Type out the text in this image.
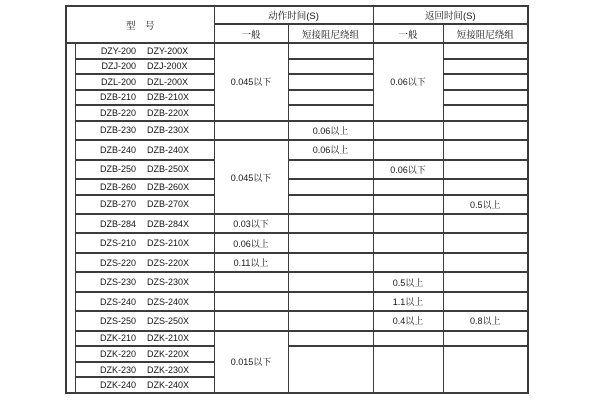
型　号		动作时间(S)		返回时间(S)	
		一般	短接阻尼绕组	一般	短接阻尼绕组

	DZY-200 DZY-200X	0.045以下		0.06以下	

	DZJ-200 DZJ-200X				

	DZL-200 DZL-200X				

	DZB-210 DZB-210X				

	DZB-220 DZB-220X				

	DZB-230 DZB-230X		0.06以上		

	DZB-240 DZB-240X	0.045以下	0.06以上		

	DZB-250 DZB-250X			0.06以下	

	DZB-260 DZB-260X				

	DZB-270 DZB-270X				0.5以上

	DZB-284 DZB-284X	0.03以下			

	DZS-210 DZS-210X	0.06以上			

	DZS-220 DZS-220X	0.11以上			

	DZS-230 DZS-230X			0.5以上	

	DZS-240 DZS-240X			1.1以上	

	DZS-250 DZS-250X			0.4以上	0.8以上

	DZK-210 DZK-210X	0.015以下			

	DZK-220 DZK-220X				

	DZK-230 DZK-230X				

	DZK-240 DZK-240X				
